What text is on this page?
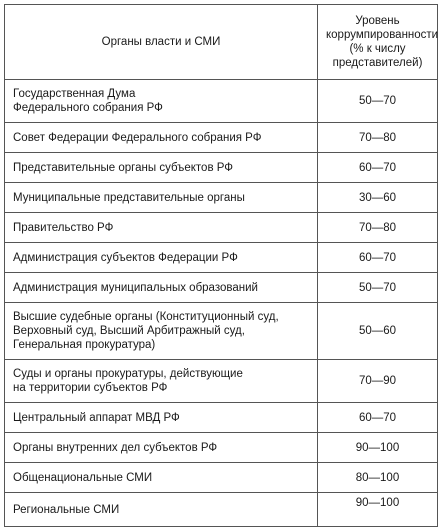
Органы власти и СМИ	Уровень коррумпированности (% к числу представителей)
Государственная Дума
Федерального собрания РФ	50—70
Совет Федерации Федерального собрания РФ	70—80
Представительные органы субъектов РФ	60—70
Муниципальные представительные органы	30—60
Правительство РФ	70—80
Администрация субъектов Федерации РФ	60—70
Администрация муниципальных образований	50—70
Высшие судебные органы (Конституционный суд,
Верховный суд, Высший Арбитражный суд,
Генеральная прокуратура)	50—60
Суды и органы прокуратуры, действующие
на территории субъектов РФ	70—90
Центральный аппарат МВД РФ	60—70
Органы внутренних дел субъектов РФ	90—100
Общенациональные СМИ	80—100
Региональные СМИ	90—100
